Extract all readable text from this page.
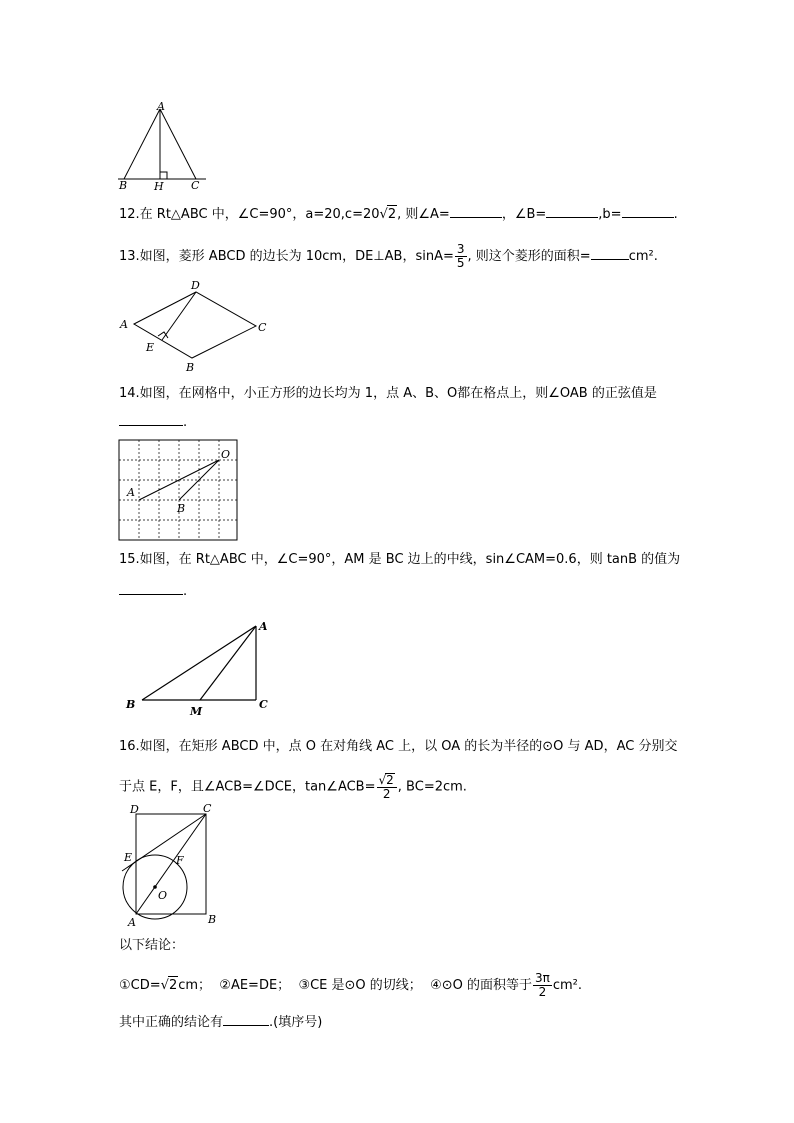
A
B H C
12.在 Rt△ABC 中，∠C=90°，a=20,c=20√2, 则∠A=	，∠B=	,b=	.
13.如图，菱形 ABCD 的边长为 10cm，DE⊥AB，$\sin A= \frac{3}{5}$ , 则这个菱形的面积=	cm².
A
D
C
E
B
14.如图，在网格中，小正方形的边长均为 1，点 A、B、O都在格点上，则∠OAB 的正弦值是
.
O
A
B
15.如图，在 Rt△ABC 中，∠C=90°，AM 是 BC 边上的中线，sin∠CAM=0.6，则 tanB 的值为
.
A
B
M
C
16.如图，在矩形 ABCD 中，点 O 在对角线 AC 上，以 OA 的长为半径的⊙O 与 AD，AC 分别交
于点 E，F，且∠ACB=∠DCE，tan∠ACB= $\frac{√2}{2}$ , BC=2cm.
D	C
E	F
O
A	B
以下结论：
①CD=√2cm； ②AE=DE； ③CE 是⊙O 的切线； ④⊙O 的面积等于 $\frac{3\pi}{2} cm^2$.
其中正确的结论有	.(填序号)
